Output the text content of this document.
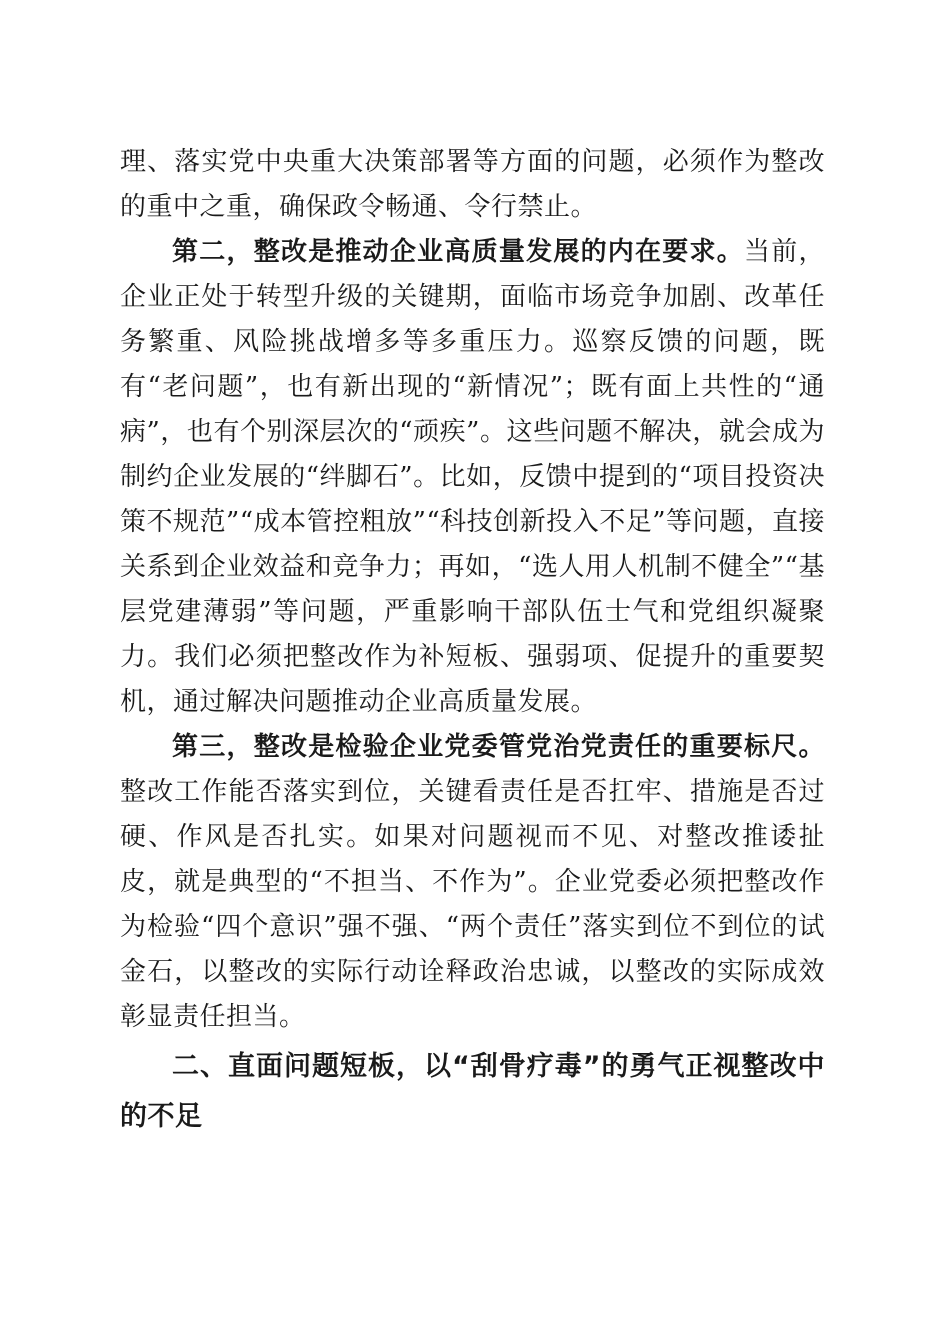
理、落实党中央重大决策部署等方面的问题，必须作为整改的重中之重，确保政令畅通、令行禁止。

第二，整改是推动企业高质量发展的内在要求。当前，企业正处于转型升级的关键期，面临市场竞争加剧、改革任务繁重、风险挑战增多等多重压力。巡察反馈的问题，既有“老问题”，也有新出现的“新情况”；既有面上共性的“通病”，也有个别深层次的“顽疾”。这些问题不解决，就会成为制约企业发展的“绊脚石”。比如，反馈中提到的“项目投资决策不规范”“成本管控粗放”“科技创新投入不足”等问题，直接关系到企业效益和竞争力；再如，“选人用人机制不健全”“基层党建薄弱”等问题，严重影响干部队伍士气和党组织凝聚力。我们必须把整改作为补短板、强弱项、促提升的重要契机，通过解决问题推动企业高质量发展。

第三，整改是检验企业党委管党治党责任的重要标尺。整改工作能否落实到位，关键看责任是否扛牢、措施是否过硬、作风是否扎实。如果对问题视而不见、对整改推诿扯皮，就是典型的“不担当、不作为”。企业党委必须把整改作为检验“四个意识”强不强、“两个责任”落实到位不到位的试金石，以整改的实际行动诠释政治忠诚，以整改的实际成效彰显责任担当。

二、直面问题短板，以“刮骨疗毒”的勇气正视整改中的不足
